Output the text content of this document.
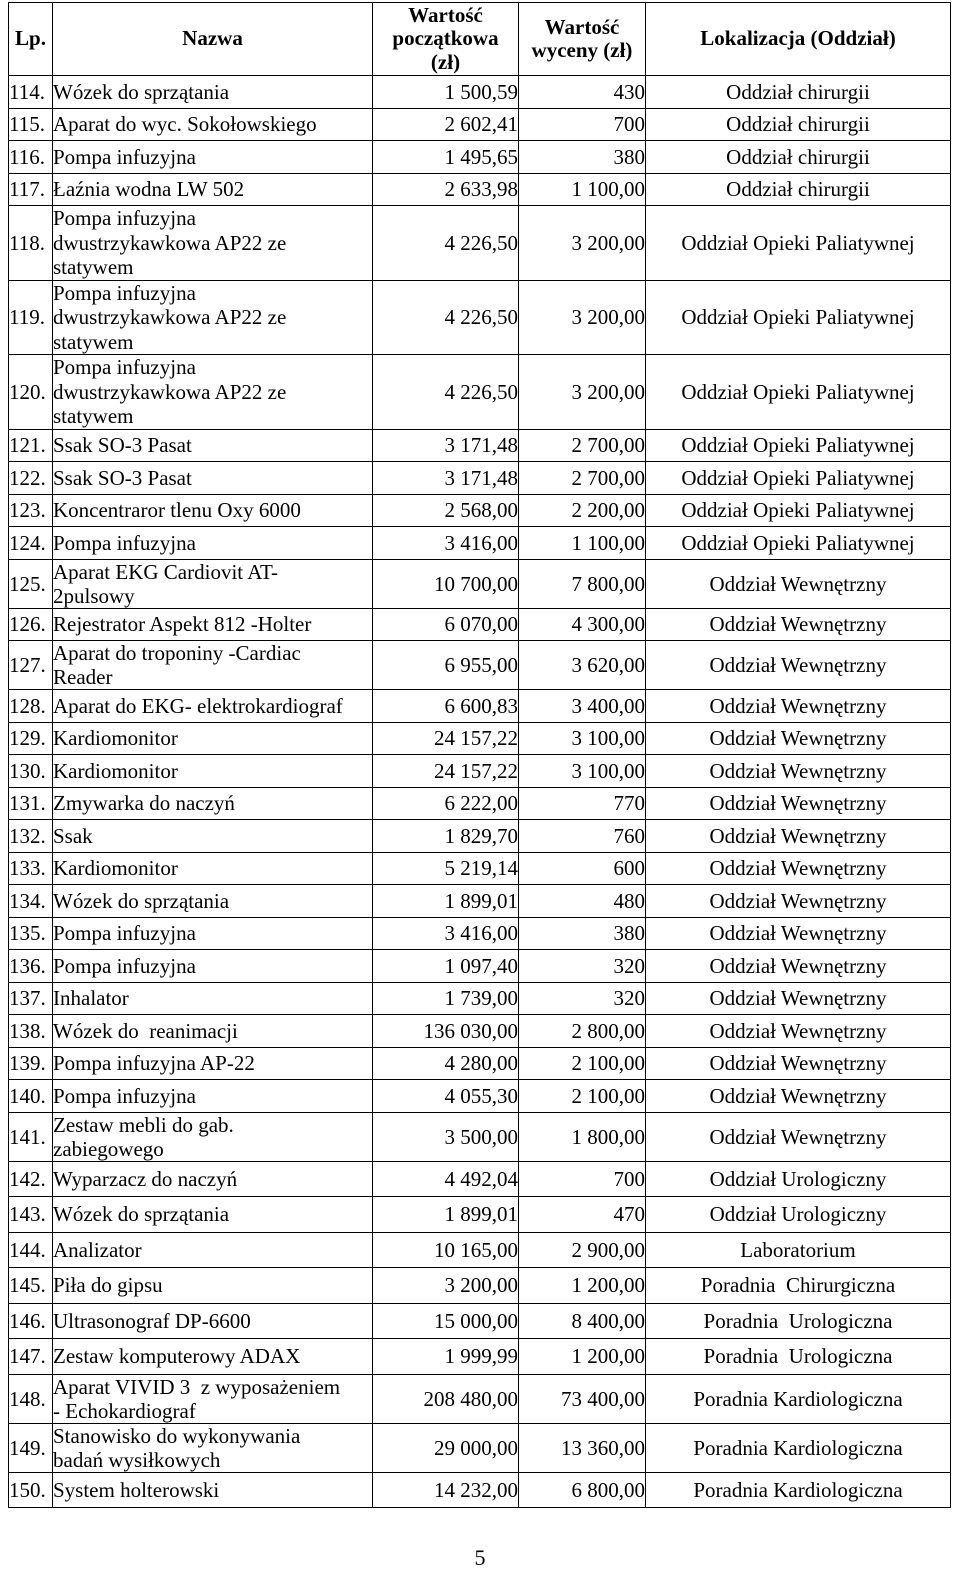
Lp.	Nazwa	Wartość
początkowa
(zł)	Wartość
wyceny (zł)	Lokalizacja (Oddział)
114.	Wózek do sprzątania	1 500,59	430	Oddział chirurgii
115.	Aparat do wyc. Sokołowskiego	2 602,41	700	Oddział chirurgii
116.	Pompa infuzyjna	1 495,65	380	Oddział chirurgii
117.	Łaźnia wodna LW 502	2 633,98	1 100,00	Oddział chirurgii
118.	Pompa infuzyjna
dwustrzykawkowa AP22 ze
statywem	4 226,50	3 200,00	Oddział Opieki Paliatywnej
119.	Pompa infuzyjna
dwustrzykawkowa AP22 ze
statywem	4 226,50	3 200,00	Oddział Opieki Paliatywnej
120.	Pompa infuzyjna
dwustrzykawkowa AP22 ze
statywem	4 226,50	3 200,00	Oddział Opieki Paliatywnej
121.	Ssak SO-3 Pasat	3 171,48	2 700,00	Oddział Opieki Paliatywnej
122.	Ssak SO-3 Pasat	3 171,48	2 700,00	Oddział Opieki Paliatywnej
123.	Koncentraror tlenu Oxy 6000	2 568,00	2 200,00	Oddział Opieki Paliatywnej
124.	Pompa infuzyjna	3 416,00	1 100,00	Oddział Opieki Paliatywnej
125.	Aparat EKG Cardiovit AT-
2pulsowy	10 700,00	7 800,00	Oddział Wewnętrzny
126.	Rejestrator Aspekt 812 -Holter	6 070,00	4 300,00	Oddział Wewnętrzny
127.	Aparat do troponiny -Cardiac
Reader	6 955,00	3 620,00	Oddział Wewnętrzny
128.	Aparat do EKG- elektrokardiograf	6 600,83	3 400,00	Oddział Wewnętrzny
129.	Kardiomonitor	24 157,22	3 100,00	Oddział Wewnętrzny
130.	Kardiomonitor	24 157,22	3 100,00	Oddział Wewnętrzny
131.	Zmywarka do naczyń	6 222,00	770	Oddział Wewnętrzny
132.	Ssak	1 829,70	760	Oddział Wewnętrzny
133.	Kardiomonitor	5 219,14	600	Oddział Wewnętrzny
134.	Wózek do sprzątania	1 899,01	480	Oddział Wewnętrzny
135.	Pompa infuzyjna	3 416,00	380	Oddział Wewnętrzny
136.	Pompa infuzyjna	1 097,40	320	Oddział Wewnętrzny
137.	Inhalator	1 739,00	320	Oddział Wewnętrzny
138.	Wózek do  reanimacji	136 030,00	2 800,00	Oddział Wewnętrzny
139.	Pompa infuzyjna AP-22	4 280,00	2 100,00	Oddział Wewnętrzny
140.	Pompa infuzyjna	4 055,30	2 100,00	Oddział Wewnętrzny
141.	Zestaw mebli do gab.
zabiegowego	3 500,00	1 800,00	Oddział Wewnętrzny
142.	Wyparzacz do naczyń	4 492,04	700	Oddział Urologiczny
143.	Wózek do sprzątania	1 899,01	470	Oddział Urologiczny
144.	Analizator	10 165,00	2 900,00	Laboratorium
145.	Piła do gipsu	3 200,00	1 200,00	Poradnia  Chirurgiczna
146.	Ultrasonograf DP-6600	15 000,00	8 400,00	Poradnia  Urologiczna
147.	Zestaw komputerowy ADAX	1 999,99	1 200,00	Poradnia  Urologiczna
148.	Aparat VIVID 3  z wyposażeniem
- Echokardiograf	208 480,00	73 400,00	Poradnia Kardiologiczna
149.	Stanowisko do wykonywania
badań wysiłkowych	29 000,00	13 360,00	Poradnia Kardiologiczna
150.	System holterowski	14 232,00	6 800,00	Poradnia Kardiologiczna
5
